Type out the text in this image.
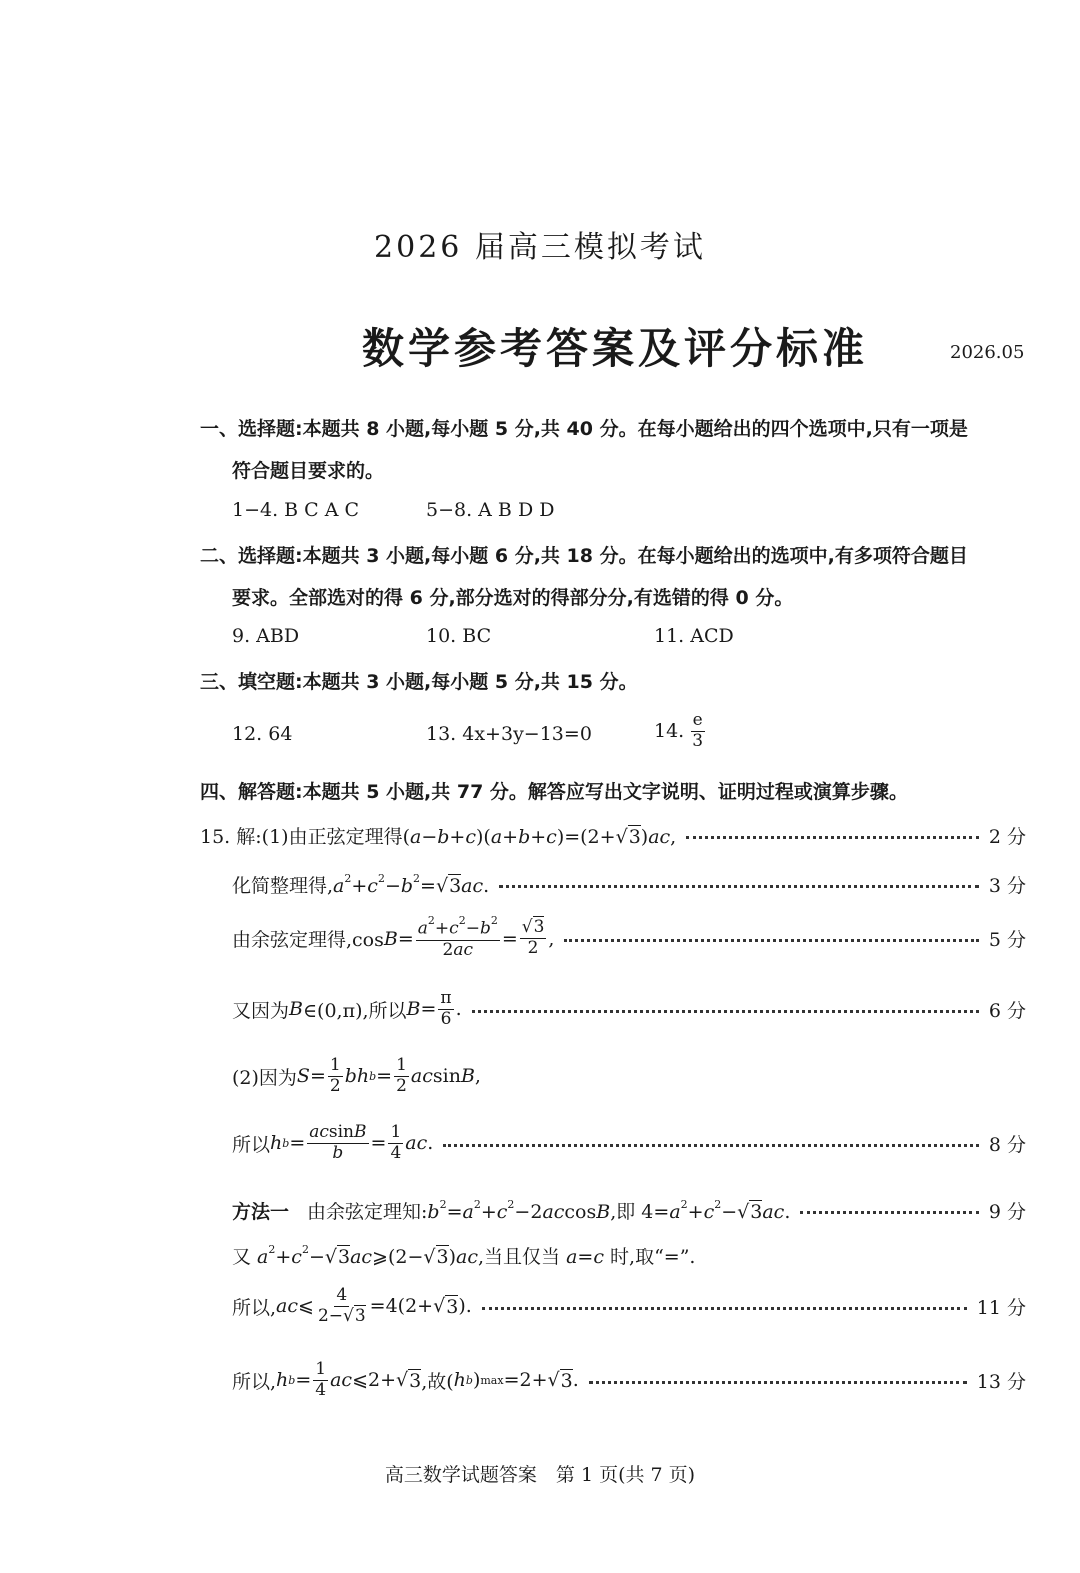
2026 届高三模拟考试
数学参考答案及评分标准	2026.05
一、选择题:本题共 8 小题,每小题 5 分,共 40 分。在每小题给出的四个选项中,只有一项是
符合题目要求的。
1−4. B C A C	5−8. A B D D
二、选择题:本题共 3 小题,每小题 6 分,共 18 分。在每小题给出的选项中,有多项符合题目
要求。全部选对的得 6 分,部分选对的得部分分,有选错的得 0 分。
9. ABD	10. BC	11. ACD
三、填空题:本题共 3 小题,每小题 5 分,共 15 分。
12. 64	13. 4x+3y−13=0	14. $\frac{e}{3}$
四、解答题:本题共 5 小题,共 77 分。解答应写出文字说明、证明过程或演算步骤。
15. 解:(1)由正弦定理得(a−b+c)(a+b+c)=(2+√3)ac,	2 分
化简整理得$,a^2+c^2-b^2=√3ac$.	3 分
由余弦定理得,cos $B = \frac{a^2+c^2-b^2}{2ac} = \frac{√3}{2}$ ,	5 分
又因为 B ∈(0,π),所以 $B = \frac{\pi}{6}$ .	6 分
(2)因为 $S = \frac{1}{2}$ bh $b = \frac{1}{2}$ ac sin B ,
所以 h $b = \frac{acsinB}{b} = \frac{1}{4}$ ac .	8 分
方法一 由余弦定理知$:b^2=a^2+c^2-2accosB$,即 $4=a^2+c^2-√3ac$.	9 分
又 $a^2+c^2-√3ac⩾(2-√3)ac$,当且仅当 a=c 时,取“=”.
所以, ac ⩽ $\frac{4}{2-√3} =4(2+√$ 3 ).	11 分
所以, h $b = \frac{1}{4}$ ac ⩽2+√ 3 ,故( h b ) max =2+√ 3 .	13 分
高三数学试题答案　第 1 页(共 7 页)
